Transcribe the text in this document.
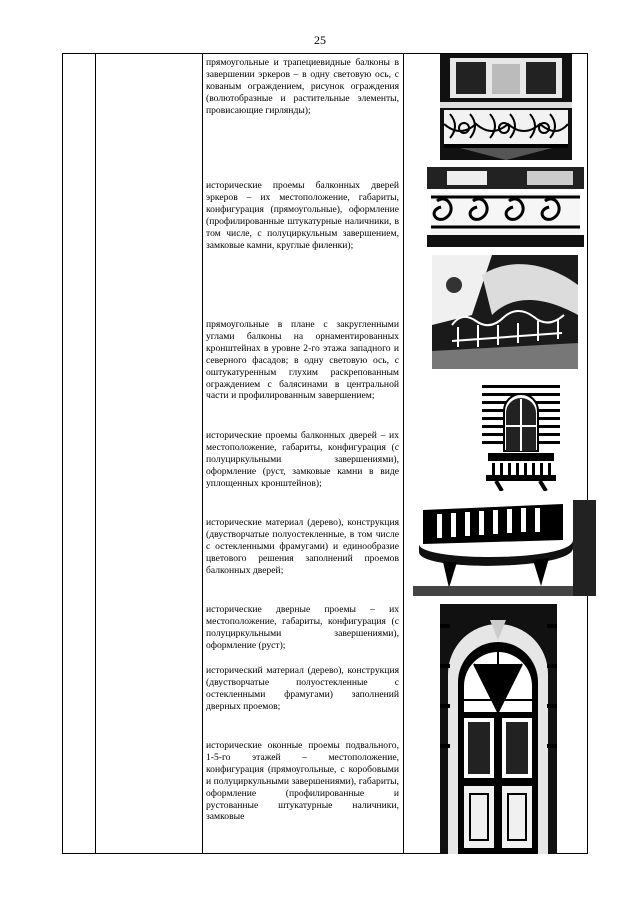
25

прямоугольные и трапециевидные балконы в завершении эркеров – в одну световую ось, с кованым ограждением, рисунок ограждения (волютобразные и растительные элементы, провисающие гирлянды);

исторические проемы балконных дверей эркеров – их местоположение, габариты, конфигурация (прямоугольные), оформление (профилированные штукатурные наличники, в том числе, с полуциркульным завершением, замковые камни, круглые филенки);

прямоугольные в плане с закругленными углами балконы на орнаментированных кронштейнах в уровне 2-го этажа западного и северного фасадов; в одну световую ось, с оштукатуренным глухим раскрепованным ограждением с балясинами в центральной части и профилированным завершением;

исторические проемы балконных дверей – их местоположение, габариты, конфигурация (с полуциркульными завершениями), оформление (руст, замковые камни в виде уплощенных кронштейнов);

исторические материал (дерево), конструкция (двустворчатые полуостекленные, в том числе с остекленными фрамугами) и единообразие цветового решения заполнений проемов балконных дверей;

исторические дверные проемы – их местоположение, габариты, конфигурация (с полуциркульными завершениями), оформление (руст);

исторический материал (дерево), конструкция (двустворчатые полуостекленные с остекленными фрамугами) заполнений дверных проемов;

исторические оконные проемы подвального, 1-5-го этажей – местоположение, конфигурация (прямоугольные, с коробовыми и полуциркульными завершениями), габариты, оформление (профилированные и рустованные штукатурные наличники, замковые
